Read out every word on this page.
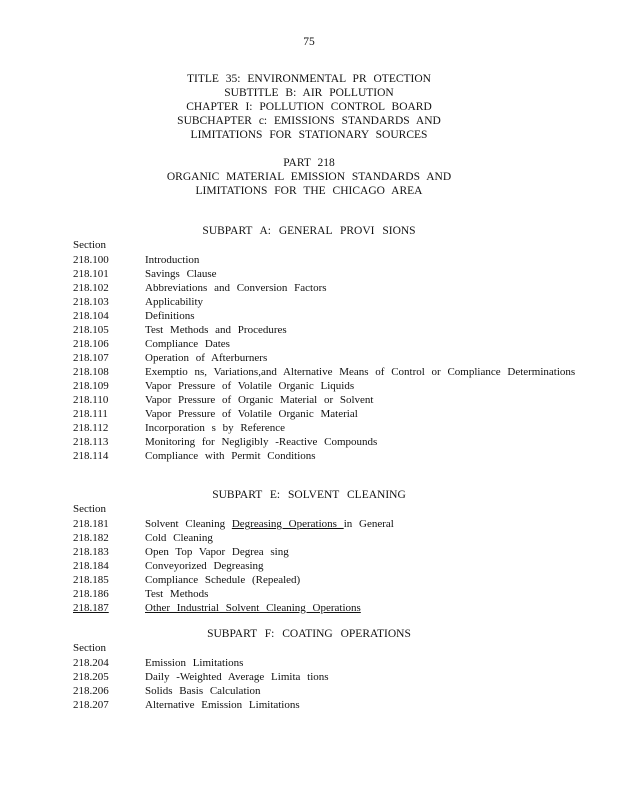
75
TITLE 35: ENVIRONMENTAL PR OTECTION
SUBTITLE B: AIR POLLUTION
CHAPTER I: POLLUTION CONTROL BOARD
SUBCHAPTER c: EMISSIONS STANDARDS AND
LIMITATIONS FOR STATIONARY SOURCES
PART 218
ORGANIC MATERIAL EMISSION STANDARDS AND
LIMITATIONS FOR THE CHICAGO AREA
SUBPART A: GENERAL PROVI SIONS
Section
218.100	Introduction
218.101	Savings Clause
218.102	Abbreviations and Conversion Factors
218.103	Applicability
218.104	Definitions
218.105	Test Methods and Procedures
218.106	Compliance Dates
218.107	Operation of Afterburners
218.108	Exemptio ns, Variations,and Alternative Means of Control or Compliance Determinations
218.109	Vapor Pressure of Volatile Organic Liquids
218.110	Vapor Pressure of Organic Material or Solvent
218.111	Vapor Pressure of Volatile Organic Material
218.112	Incorporation s by Reference
218.113	Monitoring for Negligibly -Reactive Compounds
218.114	Compliance with Permit Conditions
SUBPART E: SOLVENT CLEANING
Section
218.181	Solvent Cleaning Degreasing Operations in General
218.182	Cold Cleaning
218.183	Open Top Vapor Degrea sing
218.184	Conveyorized Degreasing
218.185	Compliance Schedule (Repealed)
218.186	Test Methods
218.187	Other Industrial Solvent Cleaning Operations
SUBPART F: COATING OPERATIONS
Section
218.204	Emission Limitations
218.205	Daily -Weighted Average Limita tions
218.206	Solids Basis Calculation
218.207	Alternative Emission Limitations
